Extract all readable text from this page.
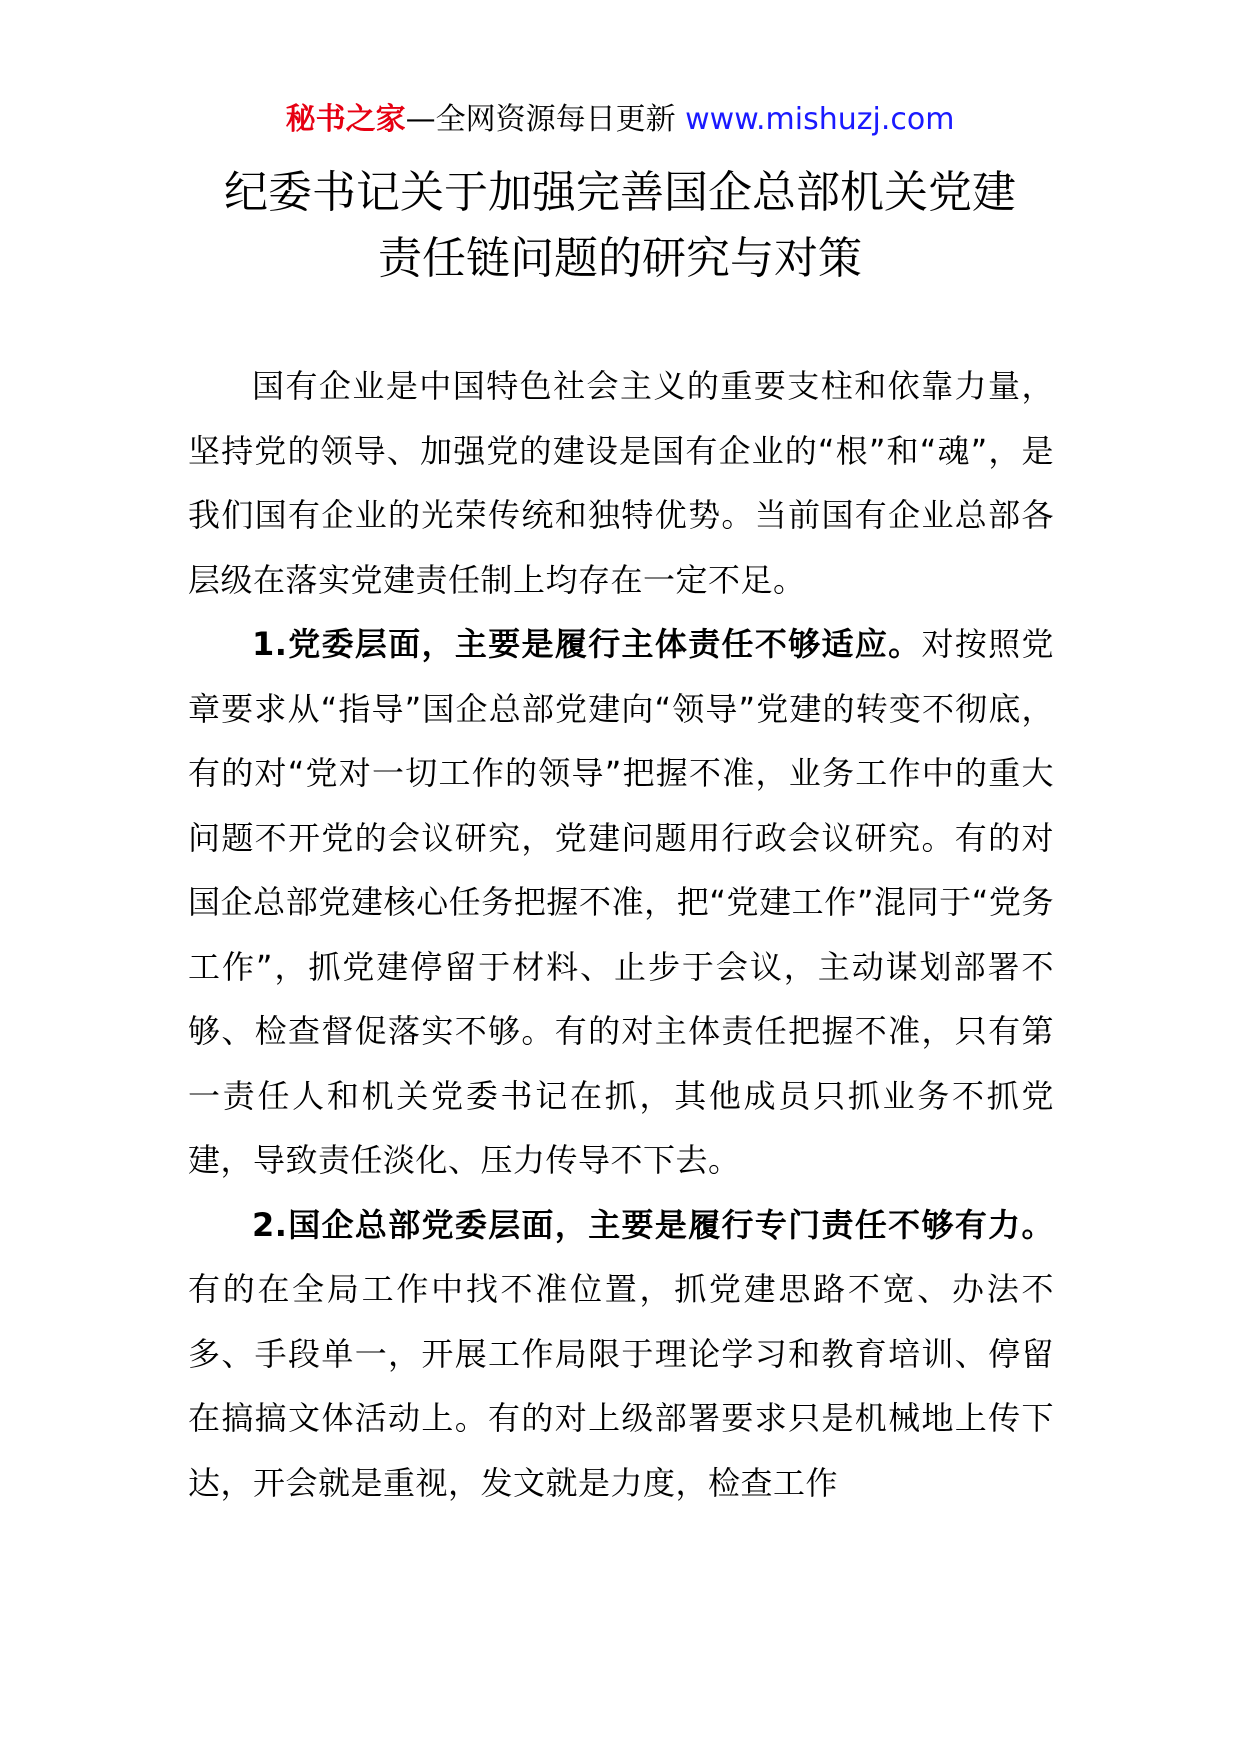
秘书之家—全网资源每日更新 www.mishuzj.com
纪委书记关于加强完善国企总部机关党建
责任链问题的研究与对策

国有企业是中国特色社会主义的重要支柱和依靠力量，坚持党的领导、加强党的建设是国有企业的“根”和“魂”，是我们国有企业的光荣传统和独特优势。当前国有企业总部各层级在落实党建责任制上均存在一定不足。

1.党委层面，主要是履行主体责任不够适应。对按照党章要求从“指导”国企总部党建向“领导”党建的转变不彻底，有的对“党对一切工作的领导”把握不准，业务工作中的重大问题不开党的会议研究，党建问题用行政会议研究。有的对国企总部党建核心任务把握不准，把“党建工作”混同于“党务工作”，抓党建停留于材料、止步于会议，主动谋划部署不够、检查督促落实不够。有的对主体责任把握不准，只有第一责任人和机关党委书记在抓，其他成员只抓业务不抓党建，导致责任淡化、压力传导不下去。

2.国企总部党委层面，主要是履行专门责任不够有力。有的在全局工作中找不准位置，抓党建思路不宽、办法不多、手段单一，开展工作局限于理论学习和教育培训、停留在搞搞文体活动上。有的对上级部署要求只是机械地上传下达，开会就是重视，发文就是力度，检查工作
